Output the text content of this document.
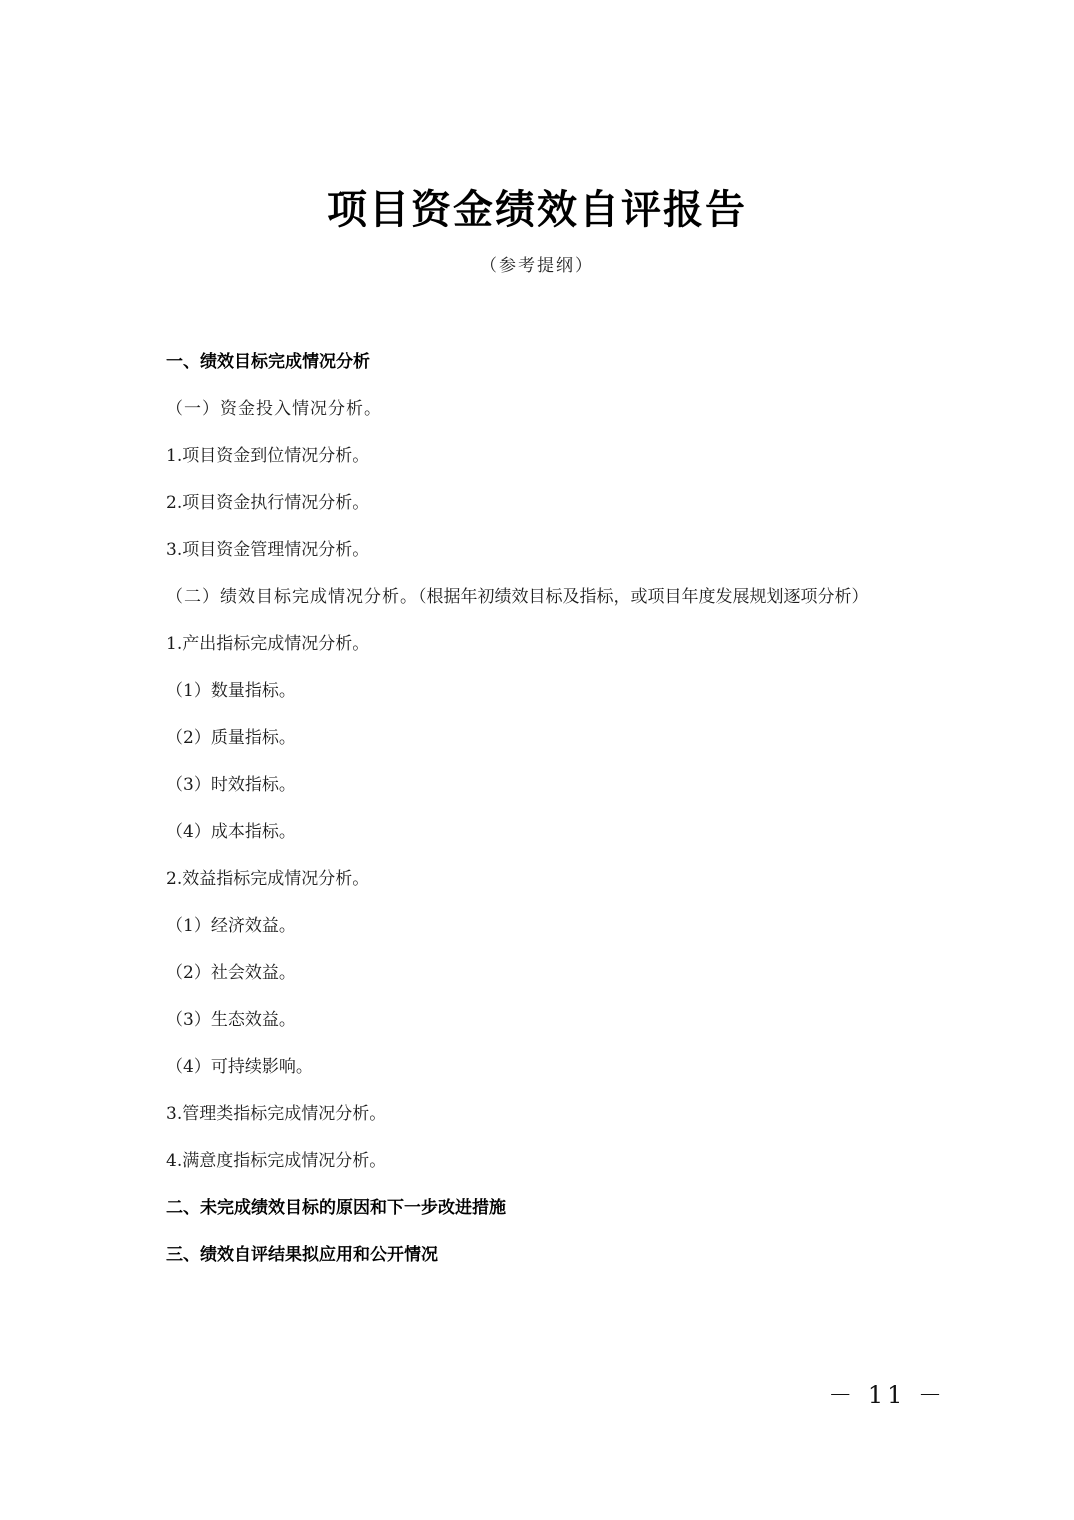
项目资金绩效自评报告
（参考提纲）
一、绩效目标完成情况分析
（一）资金投入情况分析。
1.项目资金到位情况分析。
2.项目资金执行情况分析。
3.项目资金管理情况分析。
（二）绩效目标完成情况分析。（根据年初绩效目标及指标，或项目年度发展规划逐项分析）
1.产出指标完成情况分析。
（1）数量指标。
（2）质量指标。
（3）时效指标。
（4）成本指标。
2.效益指标完成情况分析。
（1）经济效益。
（2）社会效益。
（3）生态效益。
（4）可持续影响。
3.管理类指标完成情况分析。
4.满意度指标完成情况分析。
二、未完成绩效目标的原因和下一步改进措施
三、绩效自评结果拟应用和公开情况
－ 11 －
